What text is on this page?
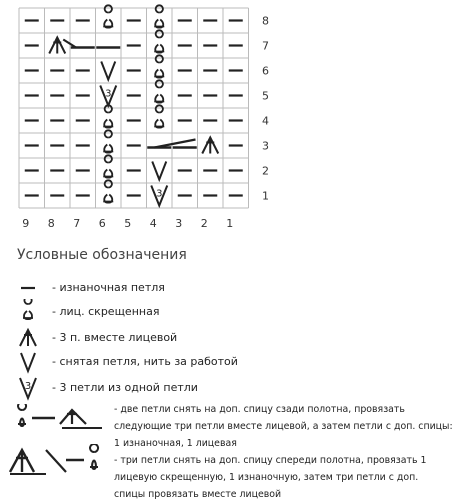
3
3
8
7
6
5
4
3
2
1
9 8 7 6 5 4 3 2 1
Условные обозначения
- изнаночная петля
- лиц. скрещенная
- 3 п. вместе лицевой
- снятая петля, нить за работой
3 - 3 петли из одной петли
- две петли снять на доп. спицу сзади полотна, провязать
следующие три петли вместе лицевой, а затем петли с доп. спицы:
1 изнаночная, 1 лицевая
- три петли снять на доп. спицу спереди полотна, провязать 1
лицевую скрещенную, 1 изнаночную, затем три петли с доп.
спицы провязать вместе лицевой
